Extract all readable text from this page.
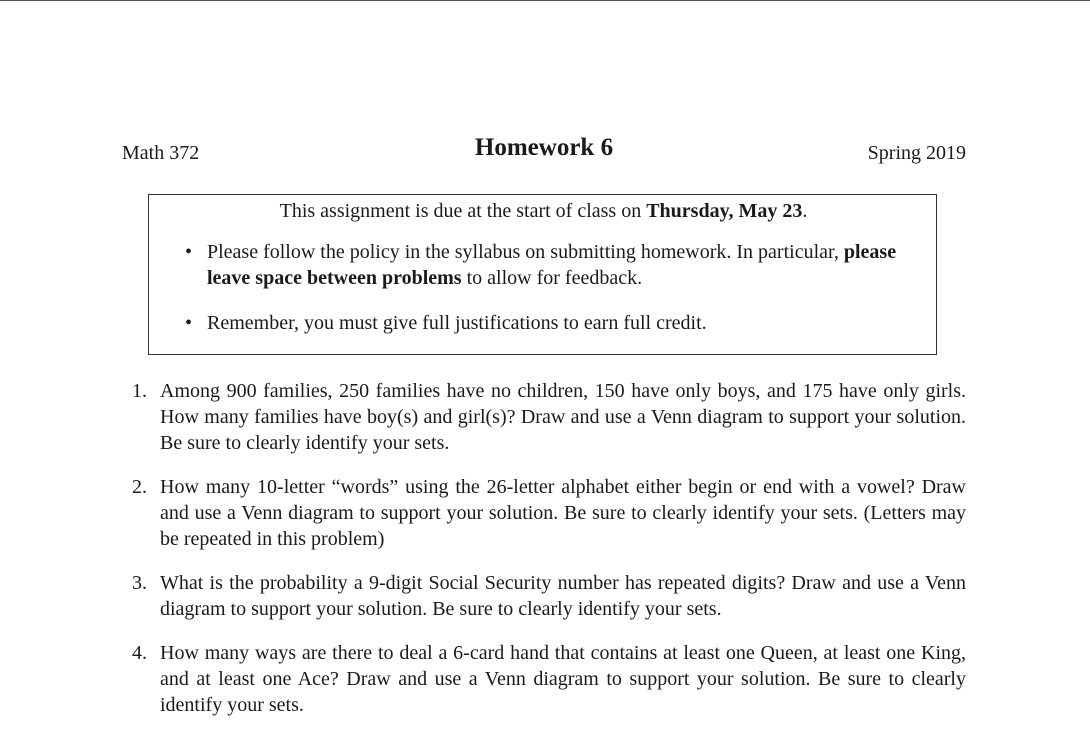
Math 372	Homework 6	Spring 2019
This assignment is due at the start of class on Thursday, May 23.
• Please follow the policy in the syllabus on submitting homework. In particular, please leave space between problems to allow for feedback.
• Remember, you must give full justifications to earn full credit.
1. Among 900 families, 250 families have no children, 150 have only boys, and 175 have only girls. How many families have boy(s) and girl(s)? Draw and use a Venn diagram to support your solution. Be sure to clearly identify your sets.
2. How many 10-letter “words” using the 26-letter alphabet either begin or end with a vowel? Draw and use a Venn diagram to support your solution. Be sure to clearly identify your sets. (Letters may be repeated in this problem)
3. What is the probability a 9-digit Social Security number has repeated digits? Draw and use a Venn diagram to support your solution. Be sure to clearly identify your sets.
4. How many ways are there to deal a 6-card hand that contains at least one Queen, at least one King, and at least one Ace? Draw and use a Venn diagram to support your solution. Be sure to clearly identify your sets.
